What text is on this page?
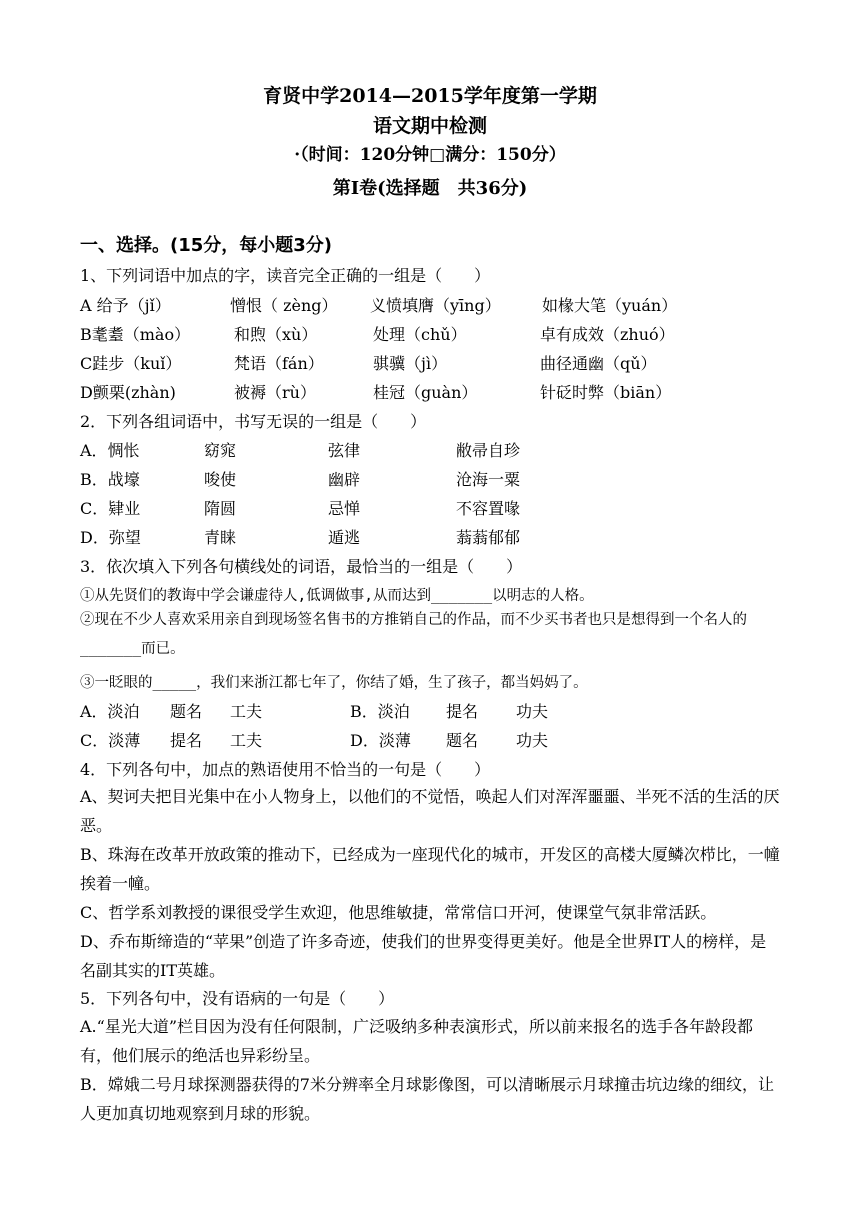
育贤中学2014—2015学年度第一学期
语文期中检测
·（时间：120分钟□满分：150分）
第Ⅰ卷(选择题　共36分)
一、选择。(15分，每小题3分)
1、下列词语中加点的字，读音完全正确的一组是（　　）
A 给予（jǐ）	憎恨（ zèng） 义愤填膺（yīng）	如椽大笔（yuán）
B耄耋（mào）	和煦（xù）	处理（chǔ）	卓有成效（zhuó）
C跬步（kuǐ）	梵语（fán）	骐骥（jì）	曲径通幽（qǔ）
D颤栗(zhàn)	被褥（rù）	桂冠（guàn）	针砭时弊（biān）
2．下列各组词语中，书写无误的一组是（　　）
A．惆怅	窈窕	弦律	敝帚自珍
B．战壕	唆使	幽辟	沧海一粟
C．肄业	隋圆	忌惮	不容置喙
D．弥望	青睐	遁逃	蓊蓊郁郁
3．依次填入下列各句横线处的词语，最恰当的一组是（　　）
①从先贤们的教诲中学会谦虚待人,低调做事,从而达到_______以明志的人格。
②现在不少人喜欢采用亲自到现场签名售书的方推销自己的作品，而不少买书者也只是想得到一个名人的_______而已。
③一眨眼的_____，我们来浙江都七年了，你结了婚，生了孩子，都当妈妈了。
A．淡泊 题名 工夫	B．淡泊 提名 功夫
C．淡薄 提名 工夫	D．淡薄 题名 功夫
4．下列各句中，加点的熟语使用不恰当的一句是（　　）
A、契诃夫把目光集中在小人物身上，以他们的不觉悟，唤起人们对浑浑噩噩、半死不活的生活的厌恶。
B、珠海在改革开放政策的推动下，已经成为一座现代化的城市，开发区的高楼大厦鳞次栉比，一幢挨着一幢。
C、哲学系刘教授的课很受学生欢迎，他思维敏捷，常常信口开河，使课堂气氛非常活跃。
D、乔布斯缔造的“苹果”创造了许多奇迹，使我们的世界变得更美好。他是全世界IT人的榜样，是名副其实的IT英雄。
5．下列各句中，没有语病的一句是（　　）
A.“星光大道”栏目因为没有任何限制，广泛吸纳多种表演形式，所以前来报名的选手各年龄段都有，他们展示的绝活也异彩纷呈。
B．嫦娥二号月球探测器获得的7米分辨率全月球影像图，可以清晰展示月球撞击坑边缘的细纹，让人更加真切地观察到月球的形貌。
